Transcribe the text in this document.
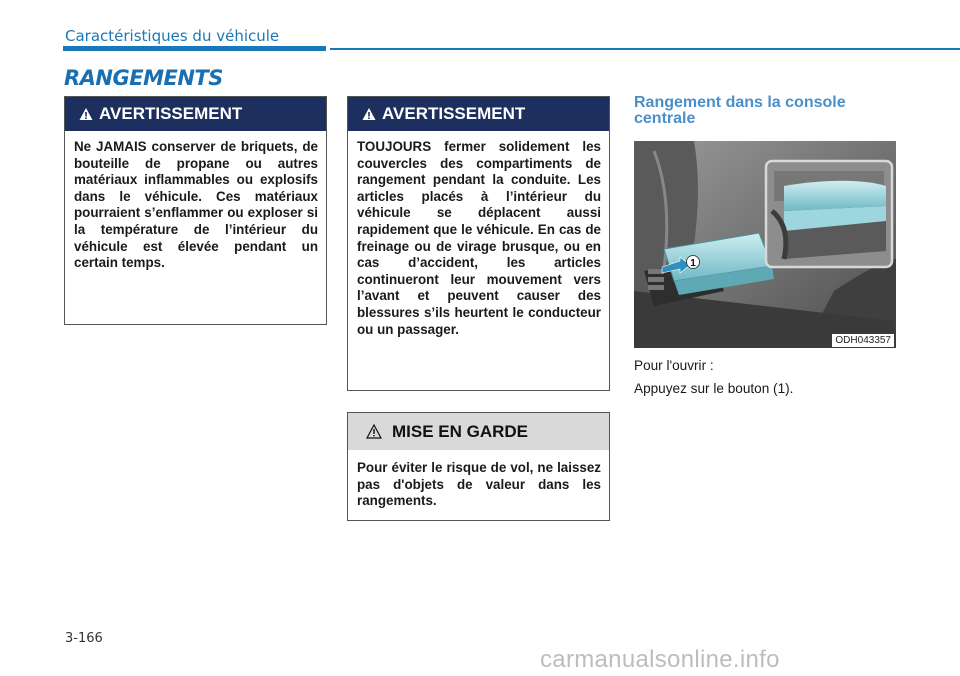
Caractéristiques du véhicule
RANGEMENTS
AVERTISSEMENT
Ne JAMAIS conserver de briquets, de bouteille de propane ou autres matériaux inflammables ou explosifs dans le véhicule. Ces matériaux pourraient s’enflammer ou exploser si la température de l’intérieur du véhicule est élevée pendant un certain temps.
AVERTISSEMENT
TOUJOURS fermer solidement les couvercles des compartiments de rangement pendant la conduite. Les articles placés à l’intérieur du véhicule se déplacent aussi rapidement que le véhicule. En cas de freinage ou de virage brusque, ou en cas d’accident, les articles continueront leur mouvement vers l’avant et peuvent causer des blessures s’ils heurtent le conducteur ou un passager.
MISE EN GARDE
Pour éviter le risque de vol, ne laissez pas d'objets de valeur dans les rangements.
Rangement dans la console centrale
1
ODH043357
Pour l'ouvrir :
Appuyez sur le bouton (1).
3-166
carmanualsonline.info
